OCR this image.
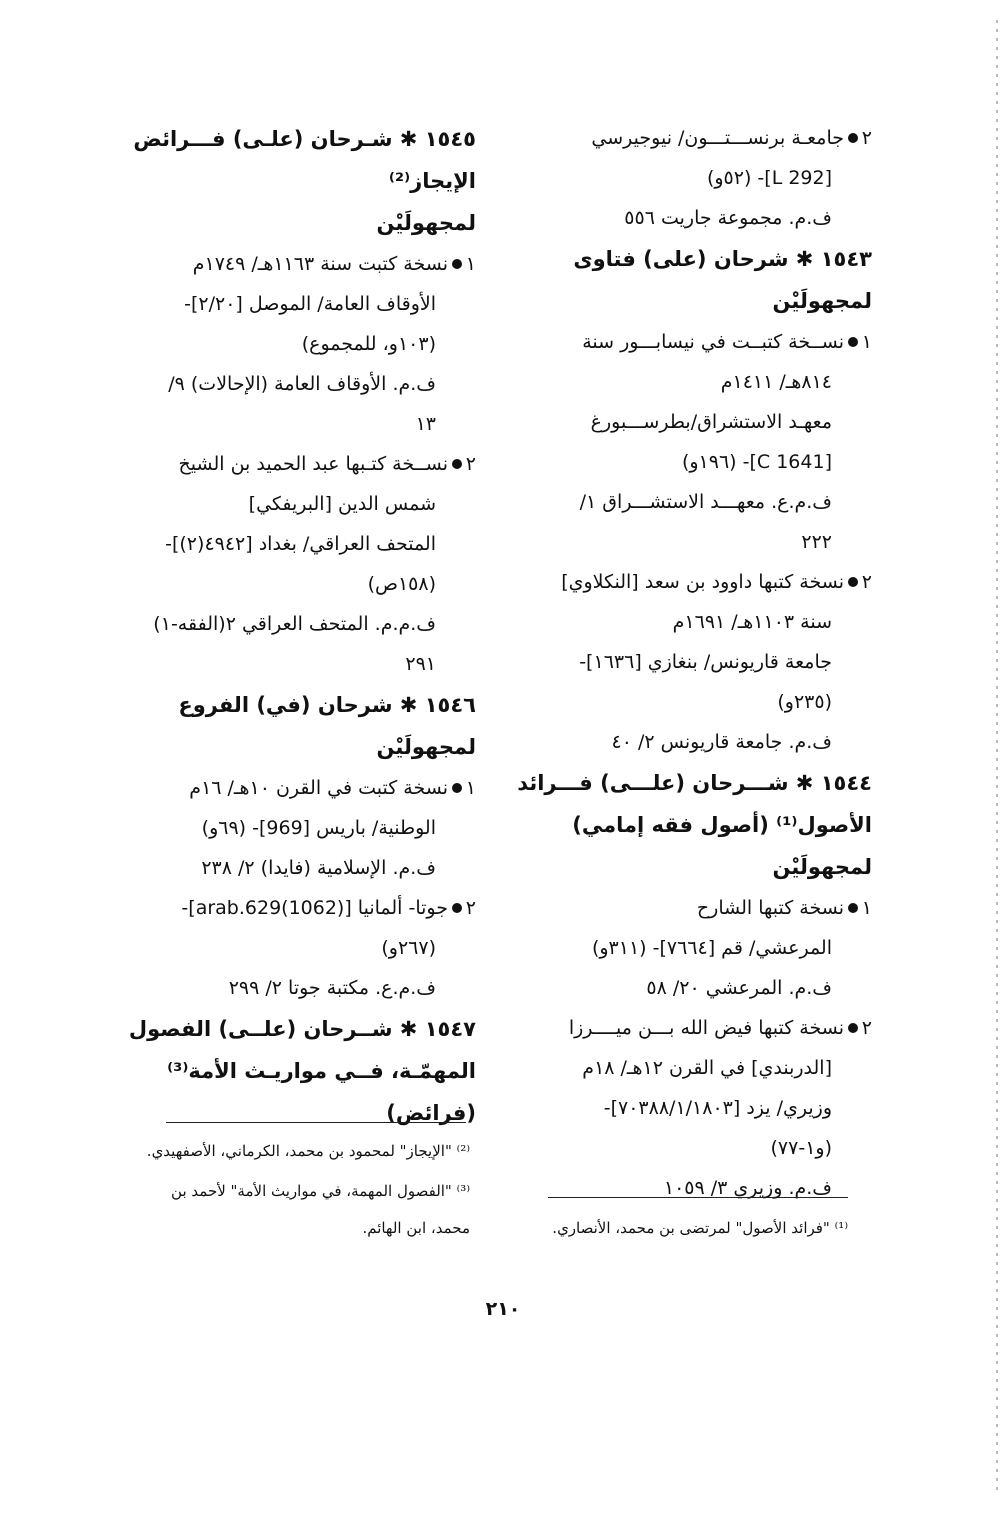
٢جامعـة برنســـتـــون/ نيوجيرسي
[L 292]- (٥٢و)
ف.م. مجموعة جاريت ٥٥٦
١٥٤٣ ✱ شرحان (على) فتاوى
لمجهولَيْن
١نســخة كتبــت في نيسابـــور سنة
٨١٤هـ/ ١٤١١م
معهـد الاستشراق/بطرســـبورغ
[C 1641]- (١٩٦و)
ف.م.ع. معهـــد الاستشـــراق ١/
٢٢٢
٢نسخة كتبها داوود بن سعد [النكلاوي]
سنة ١١٠٣هـ/ ١٦٩١م
جامعة قاريونس/ بنغازي [١٦٣٦]-
(٢٣٥و)
ف.م. جامعة قاريونس ٢/ ٤٠
١٥٤٤ ✱ شـــرحان (علـــى) فـــرائد
الأصول⁽¹⁾ (أصول فقه إمامي)
لمجهولَيْن
١نسخة كتبها الشارح
المرعشي/ قم [٧٦٦٤]- (٣١١و)
ف.م. المرعشي ٢٠/ ٥٨
٢نسخة كتبها فيض الله بـــن ميــــرزا
[الدربندي] في القرن ١٢هـ/ ١٨م
وزيري/ يزد [٧٠٣٨٨/١/١٨٠٣]-
(و١-٧٧)
ف.م. وزيري ٣/ ١٠٥٩
١٥٤٥ ✱ شـرحان (علـى) فـــرائض
الإيجاز⁽²⁾
لمجهولَيْن
١نسخة كتبت سنة ١١٦٣هـ/ ١٧٤٩م
الأوقاف العامة/ الموصل [٢/٢٠]-
(١٠٣و، للمجموع)
ف.م. الأوقاف العامة (الإحالات) ٩/
١٣
٢نســخة كتـبها عبد الحميد بن الشيخ
شمس الدين [البريفكي]
المتحف العراقي/ بغداد [٤٩٤٢(٢)]-
(١٥٨ص)
ف.م.م. المتحف العراقي ٢(الفقه-١)
٢٩١
١٥٤٦ ✱ شرحان (في) الفروع
لمجهولَيْن
١نسخة كتبت في القرن ١٠هـ/ ١٦م
الوطنية/ باريس [969]- (٦٩و)
ف.م. الإسلامية (فايدا) ٢/ ٢٣٨
٢جوتا- ألمانيا [arab.629(1062)]-
(٢٦٧و)
ف.م.ع. مكتبة جوتا ٢/ ٢٩٩
١٥٤٧ ✱ شــرحان (علــى) الفصول
المهمّـة، فــي مواريـث الأمة⁽³⁾
(فرائض)
⁽¹⁾ "فرائد الأصول" لمرتضى بن محمد، الأنصاري.
⁽²⁾ "الإيجاز" لمحمود بن محمد، الكرماني، الأصفهيدي.
⁽³⁾ "الفصول المهمة، في مواريث الأمة" لأحمد بن
محمد، ابن الهائم.
٢١٠
